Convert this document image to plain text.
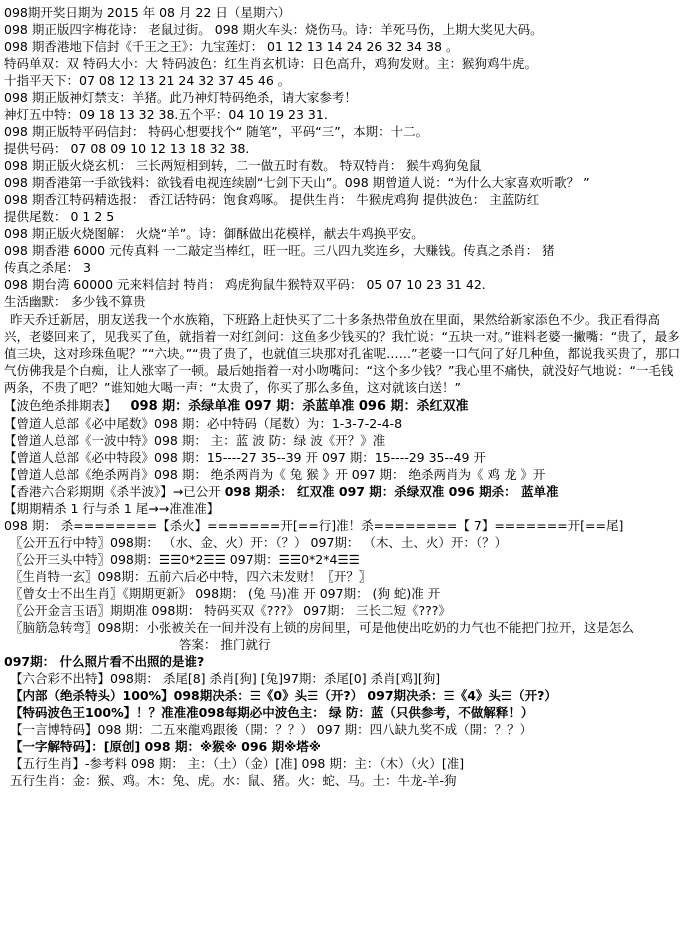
098期开奖日期为 2015 年 08 月 22 日（星期六）
098 期正版四字梅花诗： 老鼠过街。 098 期火车头：烧伤马。诗：羊死马伤，上期大奖见大码。
098 期香港地下信封《千王之王》：九宝莲灯： 01 12 13 14 24 26 32 34 38 。
特码单双：双 特码大小：大 特码波色：红生肖玄机诗：日色高升，鸡狗发财。主：猴狗鸡牛虎。
十指平天下：07 08 12 13 21 24 32 37 45 46 。
098 期正版神灯禁支：羊猪。此乃神灯特码绝杀，请大家参考！
神灯五中特：09 18 13 32 38.五个平：04 10 19 23 31.
098 期正版特平码信封： 特码心想要找个“ 随笔”，平码“三”，本期：十二。
提供号码： 07 08 09 10 12 13 18 32 38.
098 期正版火烧玄机： 三长两短相到转，二一做五时有数。 特双特肖： 猴牛鸡狗兔鼠
098 期香港第一手欲钱料：欲钱看电视连续剧“七剑下天山”。098 期曾道人说：“为什么大家喜欢听歌？ ”
098 期香江特码精选报： 香江话特码：饱食鸡啄。 提供生肖： 牛猴虎鸡狗 提供波色： 主蓝防红
提供尾数： 0 1 2 5
098 期正版火烧图解： 火烧“羊”。诗：御酥做出花模样，献去牛鸡换平安。
098 期香港 6000 元传真料 一二敲定当棒红，旺一旺。三八四九奖连乡，大赚钱。传真之杀肖： 猪
传真之杀尾： 3
098 期台湾 60000 元来料信封 特肖： 鸡虎狗鼠牛猴特双平码： 05 07 10 23 31 42.
生活幽默： 多少钱不算贵
昨天乔迁新居，朋友送我一个水族箱，下班路上赶快买了二十多条热带鱼放在里面，果然给新家添色不少。我正看得高兴，老婆回来了，见我买了鱼，就指着一对红剑问：这鱼多少钱买的？我忙说：“五块一对。”谁料老婆一撇嘴：“贵了，最多值三块，这对珍珠鱼呢？”“六块。”“贵了贵了，也就值三块那对孔雀呢……”老婆一口气问了好几种鱼，都说我买贵了，那口气仿佛我是个白痴，让人涨宰了一顿。最后她指着一对小吻嘴问：“这个多少钱？”我心里不痛快，就没好气地说：“一毛钱两条，不贵了吧？”谁知她大喝一声：“太贵了，你买了那么多鱼，这对就该白送！”
【波色绝杀排期表】 098 期：杀绿单准 097 期：杀蓝单准 096 期：杀红双准
【曾道人总部《必中尾数》098 期：必中特码（尾数）为：1-3-7-2-4-8
【曾道人总部《一波中特》098 期： 主：蓝 波 防：绿 波《开？》准
【曾道人总部《必中特段》098 期：15----27 35--39 开 097 期：15----29 35--49 开
【曾道人总部《绝杀两肖》098 期： 绝杀两肖为《 兔 猴 》开 097 期： 绝杀两肖为《 鸡 龙 》开
【香港六合彩期期《杀半波》】→已公开 098 期杀： 红双准 097 期：杀绿双准 096 期杀： 蓝单准
【期期精杀 1 行与杀 1 尾→→准准准】
098 期： 杀========【杀火】=======开[==行]准！杀========【 7】=======开[==尾]
〖公开五行中特〗098期： （水、金、火）开：（？） 097期： （木、土、火）开：（？）
〖公开三头中特〗098期：☰☰0*2☰☰ 097期：☰☰0*2*4☰☰
〖生肖特一玄〗098期：五前六后必中特，四六未发财！〖开？〗
〖曾女士不出生肖〗《期期更新》 098期： (兔 马)准 开 097期： (狗 蛇)准 开
〖公开金言玉语〗期期准 098期： 特码买双《???》 097期： 三长二短《???》
〖脑筋急转弯〗098期：小张被关在一间并没有上锁的房间里，可是他使出吃奶的力气也不能把门拉开，这是怎么
答案： 推门就行
097期： 什么照片看不出照的是谁?
【六合彩不出特】098期： 杀尾[8] 杀肖[狗] [兔]97期：杀尾[0] 杀肖[鸡][狗]
【内部（绝杀特头）100%】098期决杀：☰《0》头☰（开?） 097期决杀：☰《4》头☰（开?）
【特码波色王100%】！？准准准098每期必中波色主： 绿 防：蓝（只供参考，不做解释！）
【一言博特码】098 期：二五來龍鸡跟後（開：？？） 097 期：四八缺九奖不成（開：？？）
【一字解特码】：[原创] 098 期：※猴※ 096 期※塔※
【五行生肖】-参考料 098 期： 主：（土）（金）[准] 098 期：主：（木）（火）[准]
五行生肖：金：猴、鸡。木：兔、虎。水：鼠、猪。火：蛇、马。土：牛龙-羊-狗
